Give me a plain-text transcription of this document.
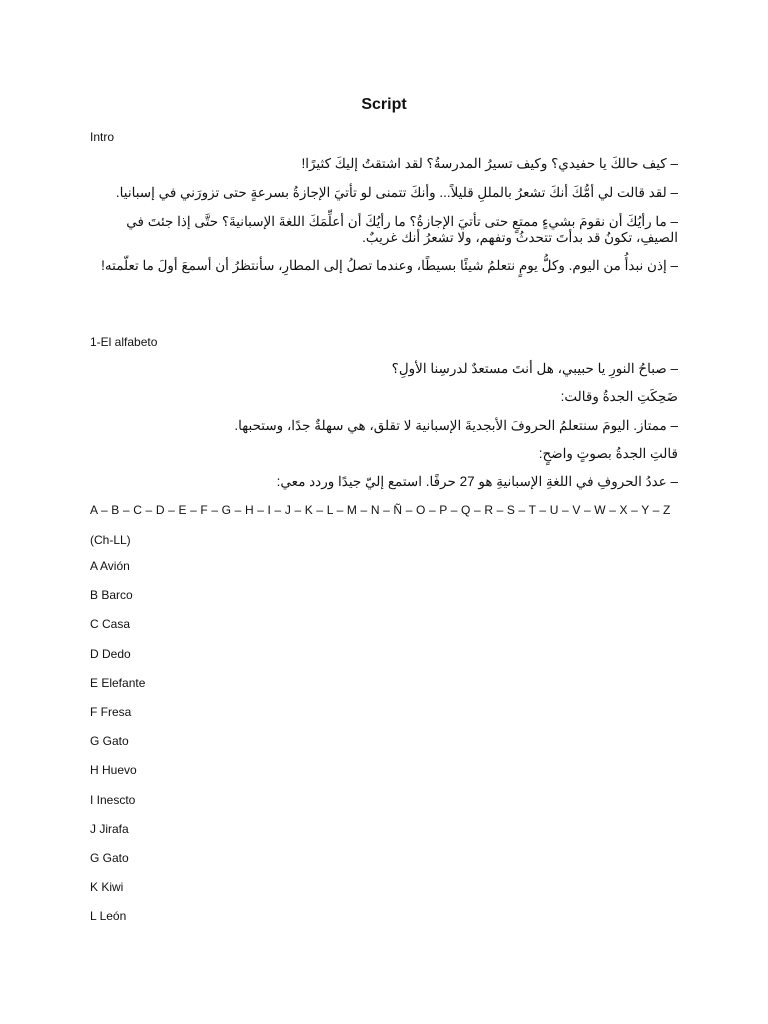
Script
Intro
– كيف حالكَ يا حفيدي؟ وكيف تسيرُ المدرسةُ؟ لقد اشتقتُ إليكَ كثيرًا!
– لقد قالت لي أمُّكَ أنكَ تشعرُ بالمللِ قليلاً... وأنكَ تتمنى لو تأتيَ الإجازةُ بسرعةٍ حتى تزورَني في إسبانيا.
– ما رأيُكَ أن نقومَ بشيءٍ ممتعٍ حتى تأتيَ الإجازةُ؟ ما رأيُكَ أن أعلِّمَكَ اللغةَ الإسبانيةَ؟ حتَّى إذا جئتَ في الصيفِ، تكونُ قد بدأتَ تتحدثُ وتفهم، ولا تشعرُ أنك غريبٌ.
– إذن نبدأُ من اليوم. وكلُّ يومٍ نتعلمُ شيئًا بسيطًا، وعندما تصلُ إلى المطارِ، سأنتظرُ أن أسمعَ أولَ ما تعلّمته!
1-El alfabeto
– صباحُ النورِ يا حبيبي، هل أنتَ مستعدٌ لدرسِنا الأولِ؟
ضَحِكَتِ الجدةُ وقالت:
– ممتاز. اليومَ سنتعلمُ الحروفَ الأبجديةَ الإسبانية لا تقلق، هي سهلةٌ جدًا، وستحبها.
قالتِ الجدةُ بصوتٍ واضحٍ:
– عددُ الحروفِ في اللغةِ الإسبانيةِ هو 27 حرفًا. استمع إليّ جيدًا وردد معي:
A – B – C – D – E – F – G – H – I – J – K – L – M – N – Ñ – O – P – Q – R – S – T – U – V – W – X – Y – Z
(Ch-LL)
A Avión
B Barco
C Casa
D Dedo
E Elefante
F Fresa
G Gato
H Huevo
I Inescto
J Jirafa
G Gato
K Kiwi
L León
